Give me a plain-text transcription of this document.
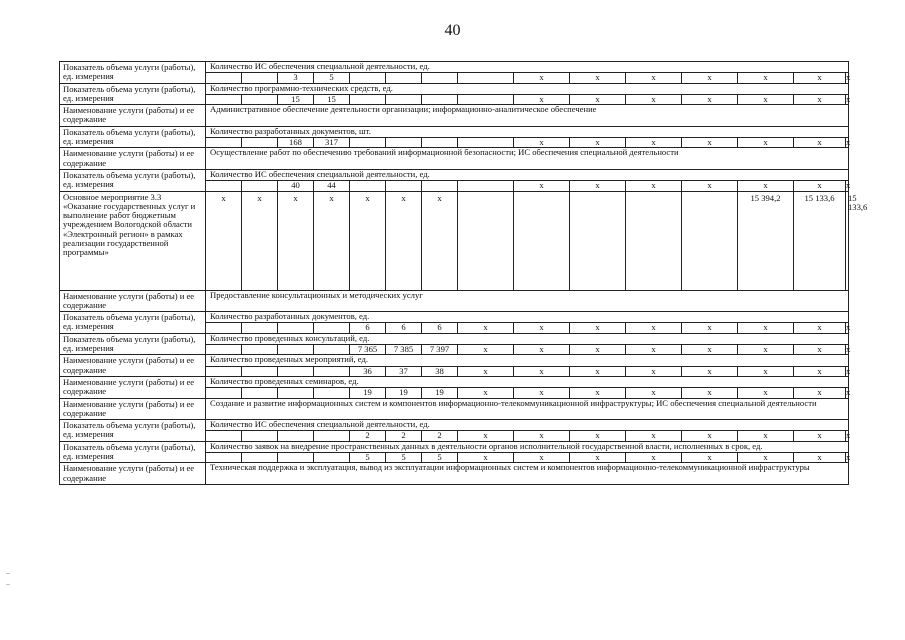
40
Показатель объема услуги (работы), ед. измерения	Количество ИС обеспечения специальной деятельности, ед.														
			3	5					x	x	x	x	x	x	x
Показатель объема услуги (работы), ед. измерения	Количество программно-технических средств, ед.														
			15	15					x	x	x	x	x	x	x
Наименование услуги (работы) и ее содержание	Административное обеспечение деятельности организации; информационно-аналитическое обеспечение														
Показатель объема услуги (работы), ед. измерения	Количество разработанных документов, шт.														
			168	317					x	x	x	x	x	x	x
Наименование услуги (работы) и ее содержание	Осуществление работ по обеспечению требований информационной безопасности; ИС обеспечения специальной деятельности														
Показатель объема услуги (работы), ед. измерения	Количество ИС обеспечения специальной деятельности, ед.														
			40	44					x	x	x	x	x	x	x
Основное мероприятие 3.3 «Оказание государственных услуг и выполнение работ бюджетным учреждением Вологодской области «Электронный регион» в рамках реализации государственной программы»	x	x	x	x	x	x	x						15 394,2	15 133,6	15 133,6
Наименование услуги (работы) и ее содержание	Предоставление консультационных и методических услуг														
Показатель объема услуги (работы), ед. измерения	Количество разработанных документов, ед.														
					6	6	6	x	x	x	x	x	x	x	x
Показатель объема услуги (работы), ед. измерения	Количество проведенных консультаций, ед.														
					7 365	7 385	7 397	x	x	x	x	x	x	x	x
Наименование услуги (работы) и ее содержание	Количество проведенных мероприятий, ед.														
					36	37	38	x	x	x	x	x	x	x	x
Наименование услуги (работы) и ее содержание	Количество проведенных семинаров, ед.														
					19	19	19	x	x	x	x	x	x	x	x
Наименование услуги (работы) и ее содержание	Создание и развитие информационных систем и компонентов информационно-телекоммуникационной инфраструктуры; ИС обеспечения специальной деятельности														
Показатель объема услуги (работы), ед. измерения	Количество ИС обеспечения специальной деятельности, ед.														
					2	2	2	x	x	x	x	x	x	x	x
Показатель объема услуги (работы), ед. измерения	Количество заявок на внедрение пространственных данных в деятельности органов исполнительной государственной власти, исполненных в срок, ед.														
					5	5	5	x	x	x	x	x	x	x	x
Наименование услуги (работы) и ее содержание	Техническая поддержка и эксплуатация, вывод из эксплуатации информационных систем и компонентов информационно-телекоммуникационной инфраструктуры														
–
–
